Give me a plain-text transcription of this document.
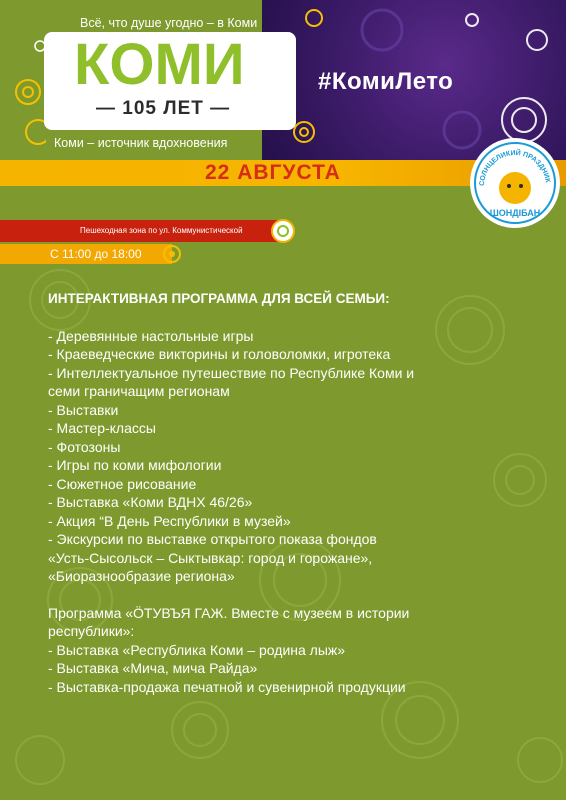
Всё, что душе угодно – в Коми
КОМИ
— 105 ЛЕТ —
Коми – источник вдохновения
#КомиЛето
22 АВГУСТА	СОЛНЦЕЛИКИЙ ПРАЗДНИК
ШОНДІБАН
Пешеходная зона по ул. Коммунистической
С 11:00 до 18:00
ИНТЕРАКТИВНАЯ ПРОГРАММА ДЛЯ ВСЕЙ СЕМЬИ:
- Деревянные настольные игры
- Краеведческие викторины и головоломки, игротека
- Интеллектуальное путешествие по Республике Коми и
семи граничащим регионам
- Выставки
- Мастер-классы
- Фотозоны
- Игры по коми мифологии
- Сюжетное рисование
- Выставка «Коми ВДНХ 46/26»
- Акция “В День Республики в музей»
- Экскурсии по выставке открытого показа фондов
«Усть-Сысольск – Сыктывкар: город и горожане»,
«Биоразнообразие региона»
Программа «ÖТУВЪЯ ГАЖ. Вместе с музеем в истории
республики»:
- Выставка «Республика Коми – родина лыж»
- Выставка «Мича, мича Райда»
- Выставка-продажа печатной и сувенирной продукции
